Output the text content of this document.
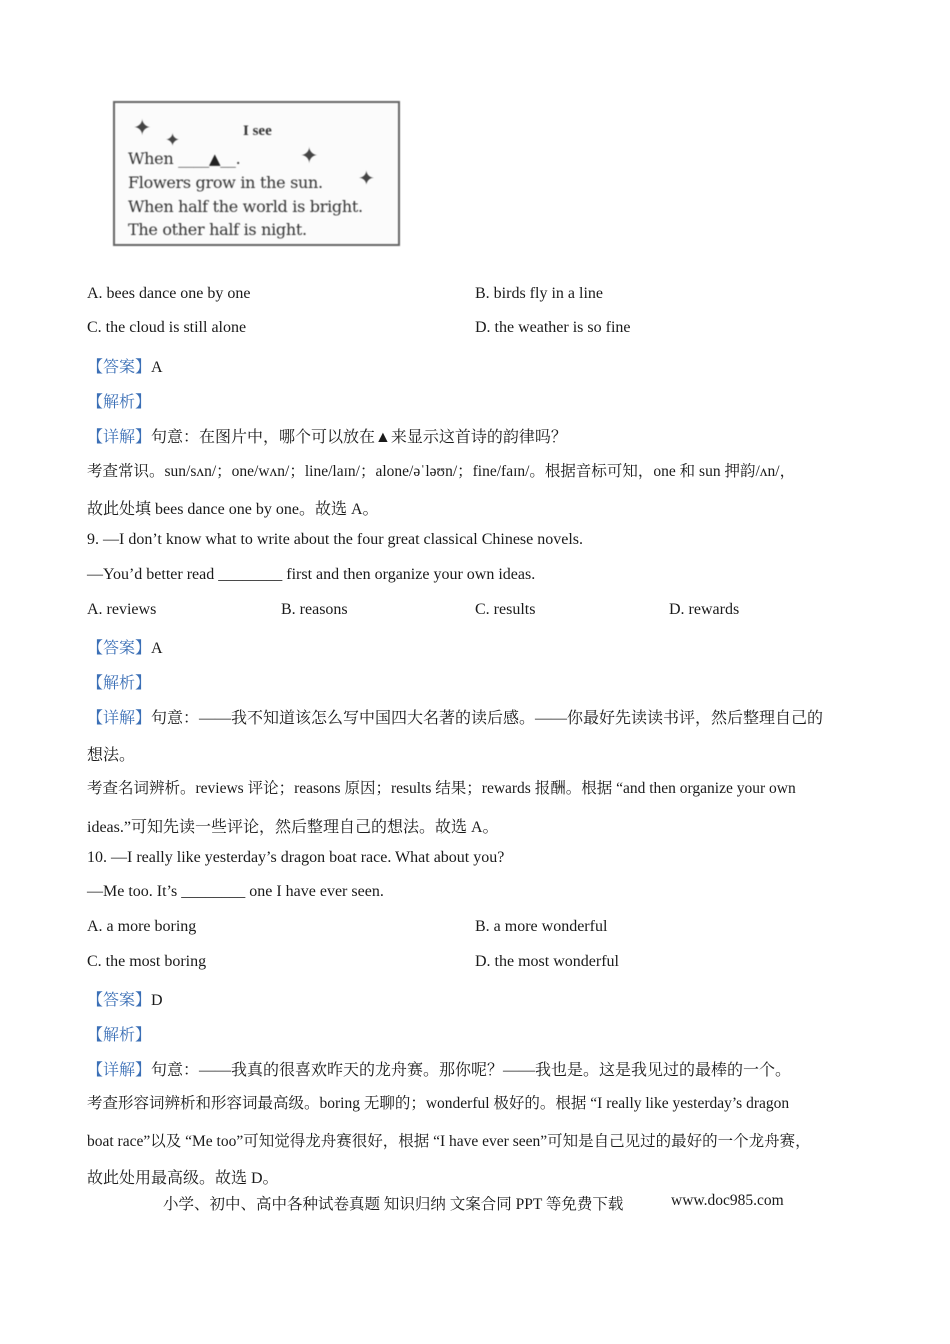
✦ ✦
✦
✦
I see
When ____▲__.
Flowers grow in the sun.
When half the world is bright.
The other half is night.
A. bees dance one by one	B. birds fly in a line
C. the cloud is still alone	D. the weather is so fine
【答案】A
【解析】
【详解】句意：在图片中，哪个可以放在▲来显示这首诗的韵律吗？
考查常识。sun/sʌn/；one/wʌn/；line/laɪn/；alone/əˈləʊn/；fine/faɪn/。根据音标可知，one 和 sun 押韵/ʌn/，
故此处填 bees dance one by one。故选 A。
9. —I don’t know what to write about the four great classical Chinese novels.
—You’d better read ________ first and then organize your own ideas.
A. reviews	B. reasons	C. results	D. rewards
【答案】A
【解析】
【详解】句意：——我不知道该怎么写中国四大名著的读后感。——你最好先读读书评，然后整理自己的
想法。
考查名词辨析。reviews 评论；reasons 原因；results 结果；rewards 报酬。根据 “and then organize your own
ideas.”可知先读一些评论，然后整理自己的想法。故选 A。
10. —I really like yesterday’s dragon boat race. What about you?
—Me too. It’s ________ one I have ever seen.
A. a more boring	B. a more wonderful
C. the most boring	D. the most wonderful
【答案】D
【解析】
【详解】句意：——我真的很喜欢昨天的龙舟赛。那你呢？——我也是。这是我见过的最棒的一个。
考查形容词辨析和形容词最高级。boring 无聊的；wonderful 极好的。根据 “I really like yesterday’s dragon
boat race”以及 “Me too”可知觉得龙舟赛很好，根据 “I have ever seen”可知是自己见过的最好的一个龙舟赛，
故此处用最高级。故选 D。
小学、初中、高中各种试卷真题 知识归纳 文案合同 PPT 等免费下载	www.doc985.com
